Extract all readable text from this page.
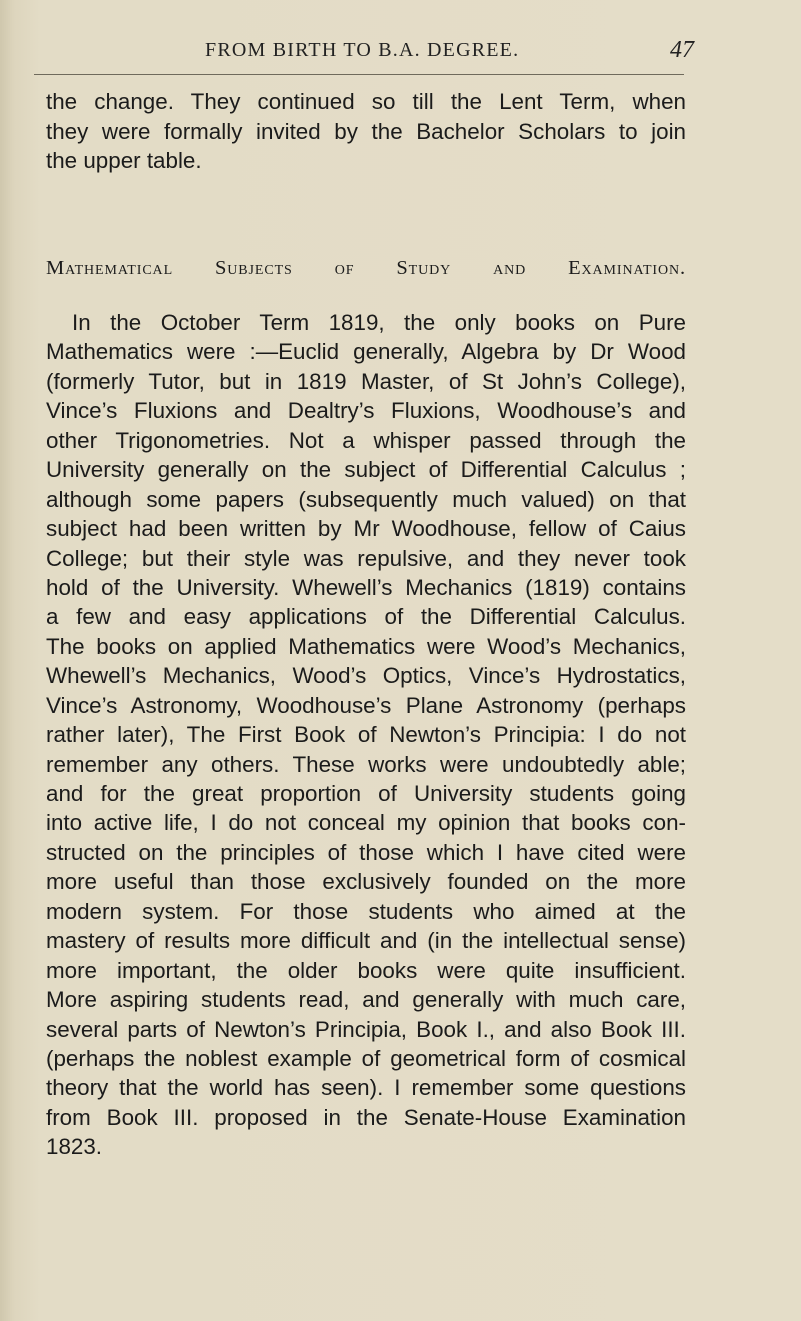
FROM BIRTH TO B.A. DEGREE.	47
the change. They continued so till the Lent Term, when
they were formally invited by the Bachelor Scholars to join
the upper table.
Mathematical Subjects of Study and Examination.
In the October Term 1819, the only books on Pure
Mathematics were :—Euclid generally, Algebra by Dr Wood
(formerly Tutor, but in 1819 Master, of St John’s College),
Vince’s Fluxions and Dealtry’s Fluxions, Woodhouse’s and
other Trigonometries. Not a whisper passed through the
University generally on the subject of Differential Calculus ;
although some papers (subsequently much valued) on that
subject had been written by Mr Woodhouse, fellow of Caius
College; but their style was repulsive, and they never took
hold of the University. Whewell’s Mechanics (1819) contains
a few and easy applications of the Differential Calculus.
The books on applied Mathematics were Wood’s Mechanics,
Whewell’s Mechanics, Wood’s Optics, Vince’s Hydrostatics,
Vince’s Astronomy, Woodhouse’s Plane Astronomy (perhaps
rather later), The First Book of Newton’s Principia: I do not
remember any others. These works were undoubtedly able;
and for the great proportion of University students going
into active life, I do not conceal my opinion that books con-
structed on the principles of those which I have cited were
more useful than those exclusively founded on the more
modern system. For those students who aimed at the
mastery of results more difficult and (in the intellectual sense)
more important, the older books were quite insufficient.
More aspiring students read, and generally with much care,
several parts of Newton’s Principia, Book I., and also Book III.
(perhaps the noblest example of geometrical form of cosmical
theory that the world has seen). I remember some questions
from Book III. proposed in the Senate-House Examination
1823.
